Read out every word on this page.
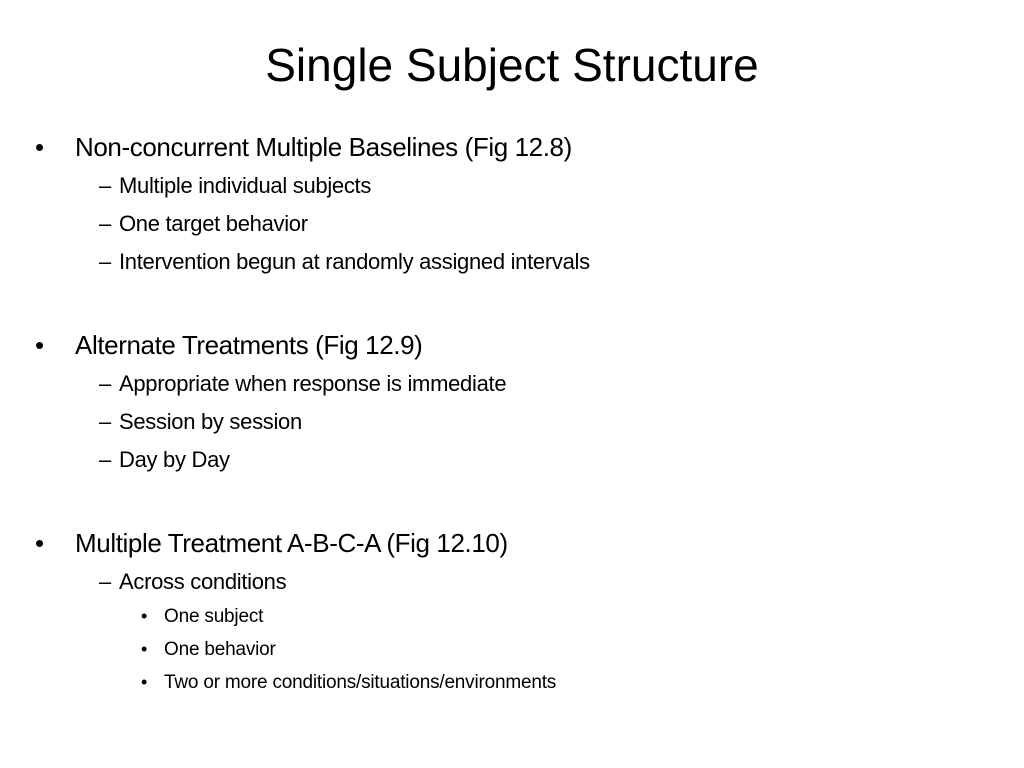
Single Subject Structure
• Non-concurrent Multiple Baselines (Fig 12.8)
– Multiple individual subjects
– One target behavior
– Intervention begun at randomly assigned intervals
• Alternate Treatments (Fig 12.9)
– Appropriate when response is immediate
– Session by session
– Day by Day
• Multiple Treatment A-B-C-A (Fig 12.10)
– Across conditions
• One subject
• One behavior
• Two or more conditions/situations/environments
